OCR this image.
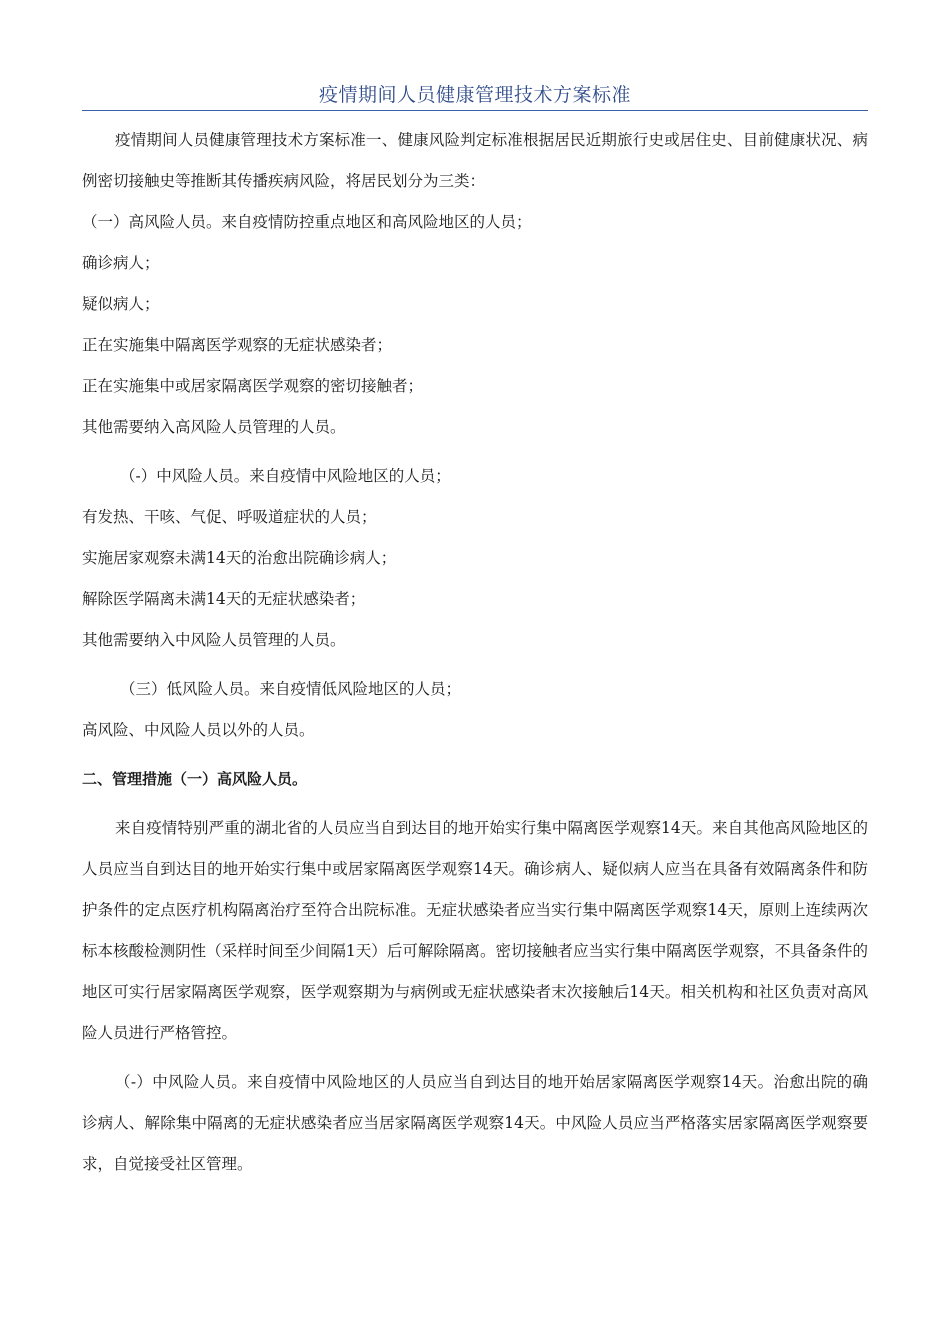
疫情期间人员健康管理技术方案标准

疫情期间人员健康管理技术方案标准一、健康风险判定标准根据居民近期旅行史或居住史、目前健康状况、病例密切接触史等推断其传播疾病风险，将居民划分为三类：

（一）高风险人员。来自疫情防控重点地区和高风险地区的人员；

确诊病人；

疑似病人；

正在实施集中隔离医学观察的无症状感染者；

正在实施集中或居家隔离医学观察的密切接触者；

其他需要纳入高风险人员管理的人员。

（-）中风险人员。来自疫情中风险地区的人员；

有发热、干咳、气促、呼吸道症状的人员；

实施居家观察未满14天的治愈出院确诊病人；

解除医学隔离未满14天的无症状感染者；

其他需要纳入中风险人员管理的人员。

（三）低风险人员。来自疫情低风险地区的人员；

高风险、中风险人员以外的人员。

二、管理措施（一）高风险人员。

来自疫情特别严重的湖北省的人员应当自到达目的地开始实行集中隔离医学观察14天。来自其他高风险地区的人员应当自到达目的地开始实行集中或居家隔离医学观察14天。确诊病人、疑似病人应当在具备有效隔离条件和防护条件的定点医疗机构隔离治疗至符合出院标准。无症状感染者应当实行集中隔离医学观察14天，原则上连续两次标本核酸检测阴性（采样时间至少间隔1天）后可解除隔离。密切接触者应当实行集中隔离医学观察，不具备条件的地区可实行居家隔离医学观察，医学观察期为与病例或无症状感染者末次接触后14天。相关机构和社区负责对高风险人员进行严格管控。

（-）中风险人员。来自疫情中风险地区的人员应当自到达目的地开始居家隔离医学观察14天。治愈出院的确诊病人、解除集中隔离的无症状感染者应当居家隔离医学观察14天。中风险人员应当严格落实居家隔离医学观察要求，自觉接受社区管理。
